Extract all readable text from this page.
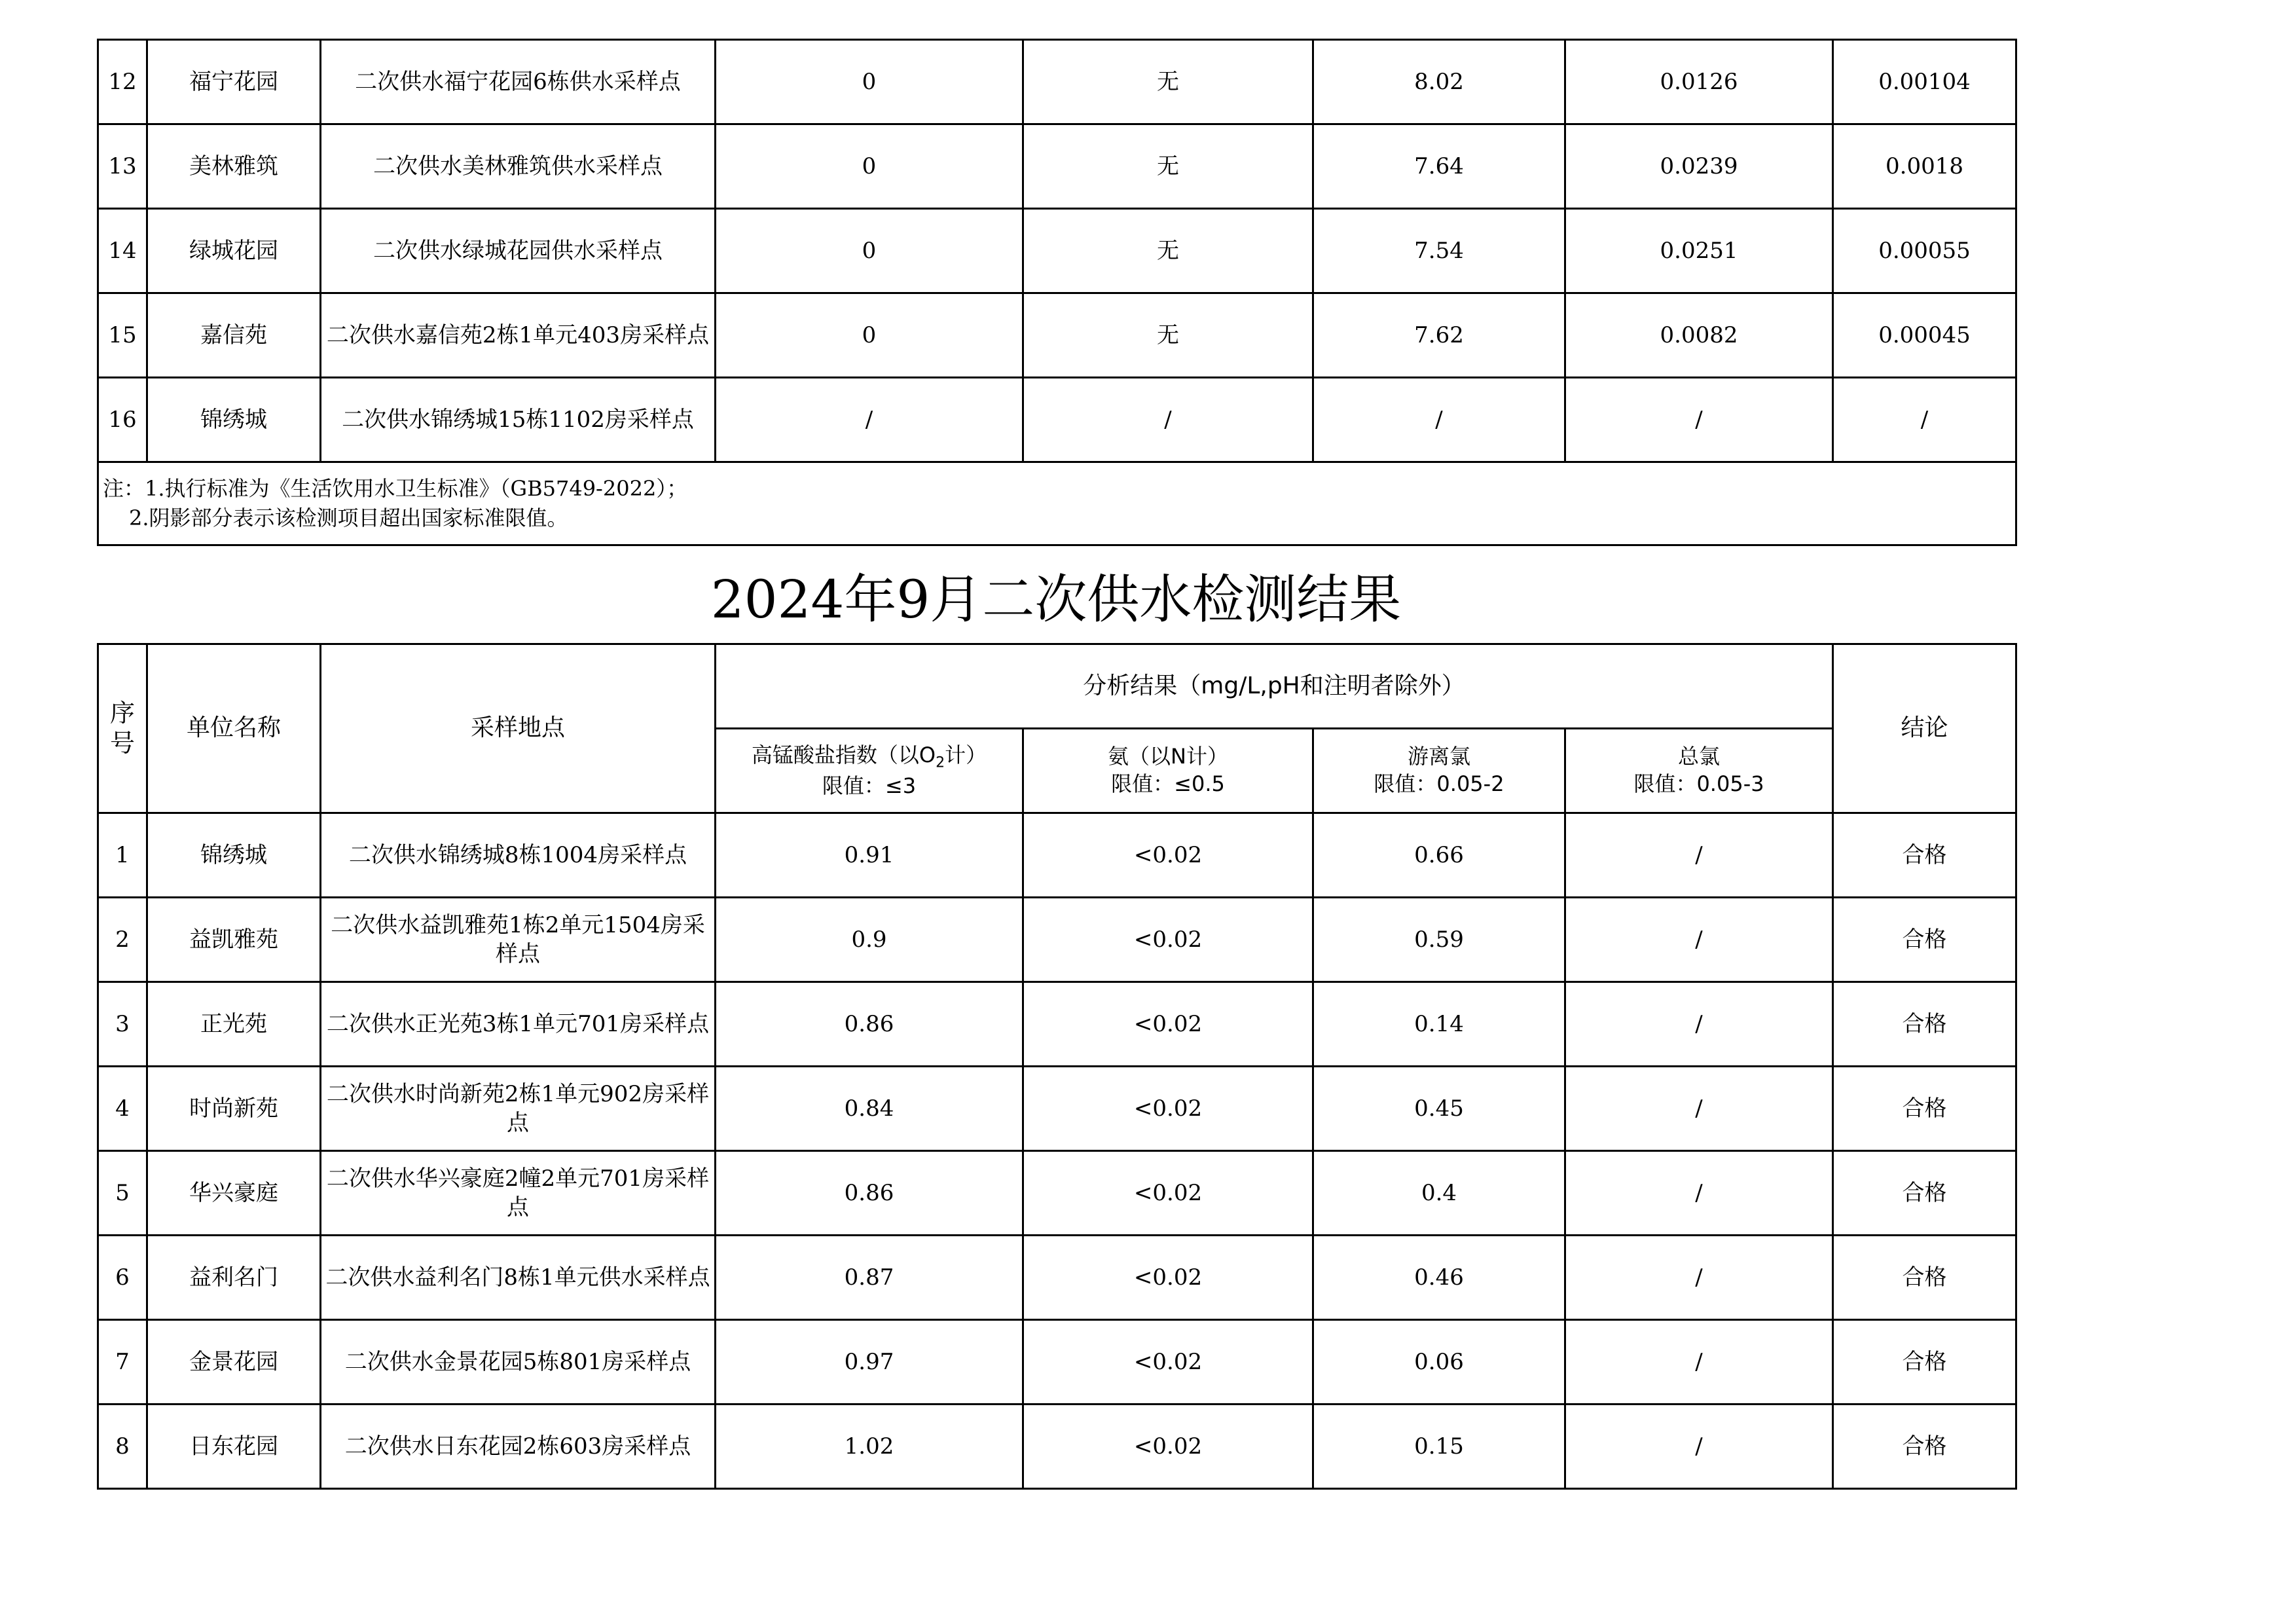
12	福宁花园	二次供水福宁花园6栋供水采样点	0	无	8.02	0.0126	0.00104
13	美林雅筑	二次供水美林雅筑供水采样点	0	无	7.64	0.0239	0.0018
14	绿城花园	二次供水绿城花园供水采样点	0	无	7.54	0.0251	0.00055
15	嘉信苑	二次供水嘉信苑2栋1单元403房采样点	0	无	7.62	0.0082	0.00045
16	锦绣城	二次供水锦绣城15栋1102房采样点	/	/	/	/	/

注：1.执行标准为《生活饮用水卫生标准》（GB5749-2022）；
2.阴影部分表示该检测项目超出国家标准限值。							
2024年9月二次供水检测结果
序
号	单位名称	采样地点	分析结果（mg/L,pH和注明者除外）				结论

			高锰酸盐指数（以$O_2$计）
限值：≤3	氨（以N计）
限值：≤0.5	游离氯
限值：0.05-2	总氯
限值：0.05-3	

1	锦绣城	二次供水锦绣城8栋1004房采样点	0.91	<0.02	0.66	/	合格
2	益凯雅苑	二次供水益凯雅苑1栋2单元1504房采样点	0.9	<0.02	0.59	/	合格
3	正光苑	二次供水正光苑3栋1单元701房采样点	0.86	<0.02	0.14	/	合格
4	时尚新苑	二次供水时尚新苑2栋1单元902房采样点	0.84	<0.02	0.45	/	合格
5	华兴豪庭	二次供水华兴豪庭2幢2单元701房采样点	0.86	<0.02	0.4	/	合格
6	益利名门	二次供水益利名门8栋1单元供水采样点	0.87	<0.02	0.46	/	合格
7	金景花园	二次供水金景花园5栋801房采样点	0.97	<0.02	0.06	/	合格
8	日东花园	二次供水日东花园2栋603房采样点	1.02	<0.02	0.15	/	合格
